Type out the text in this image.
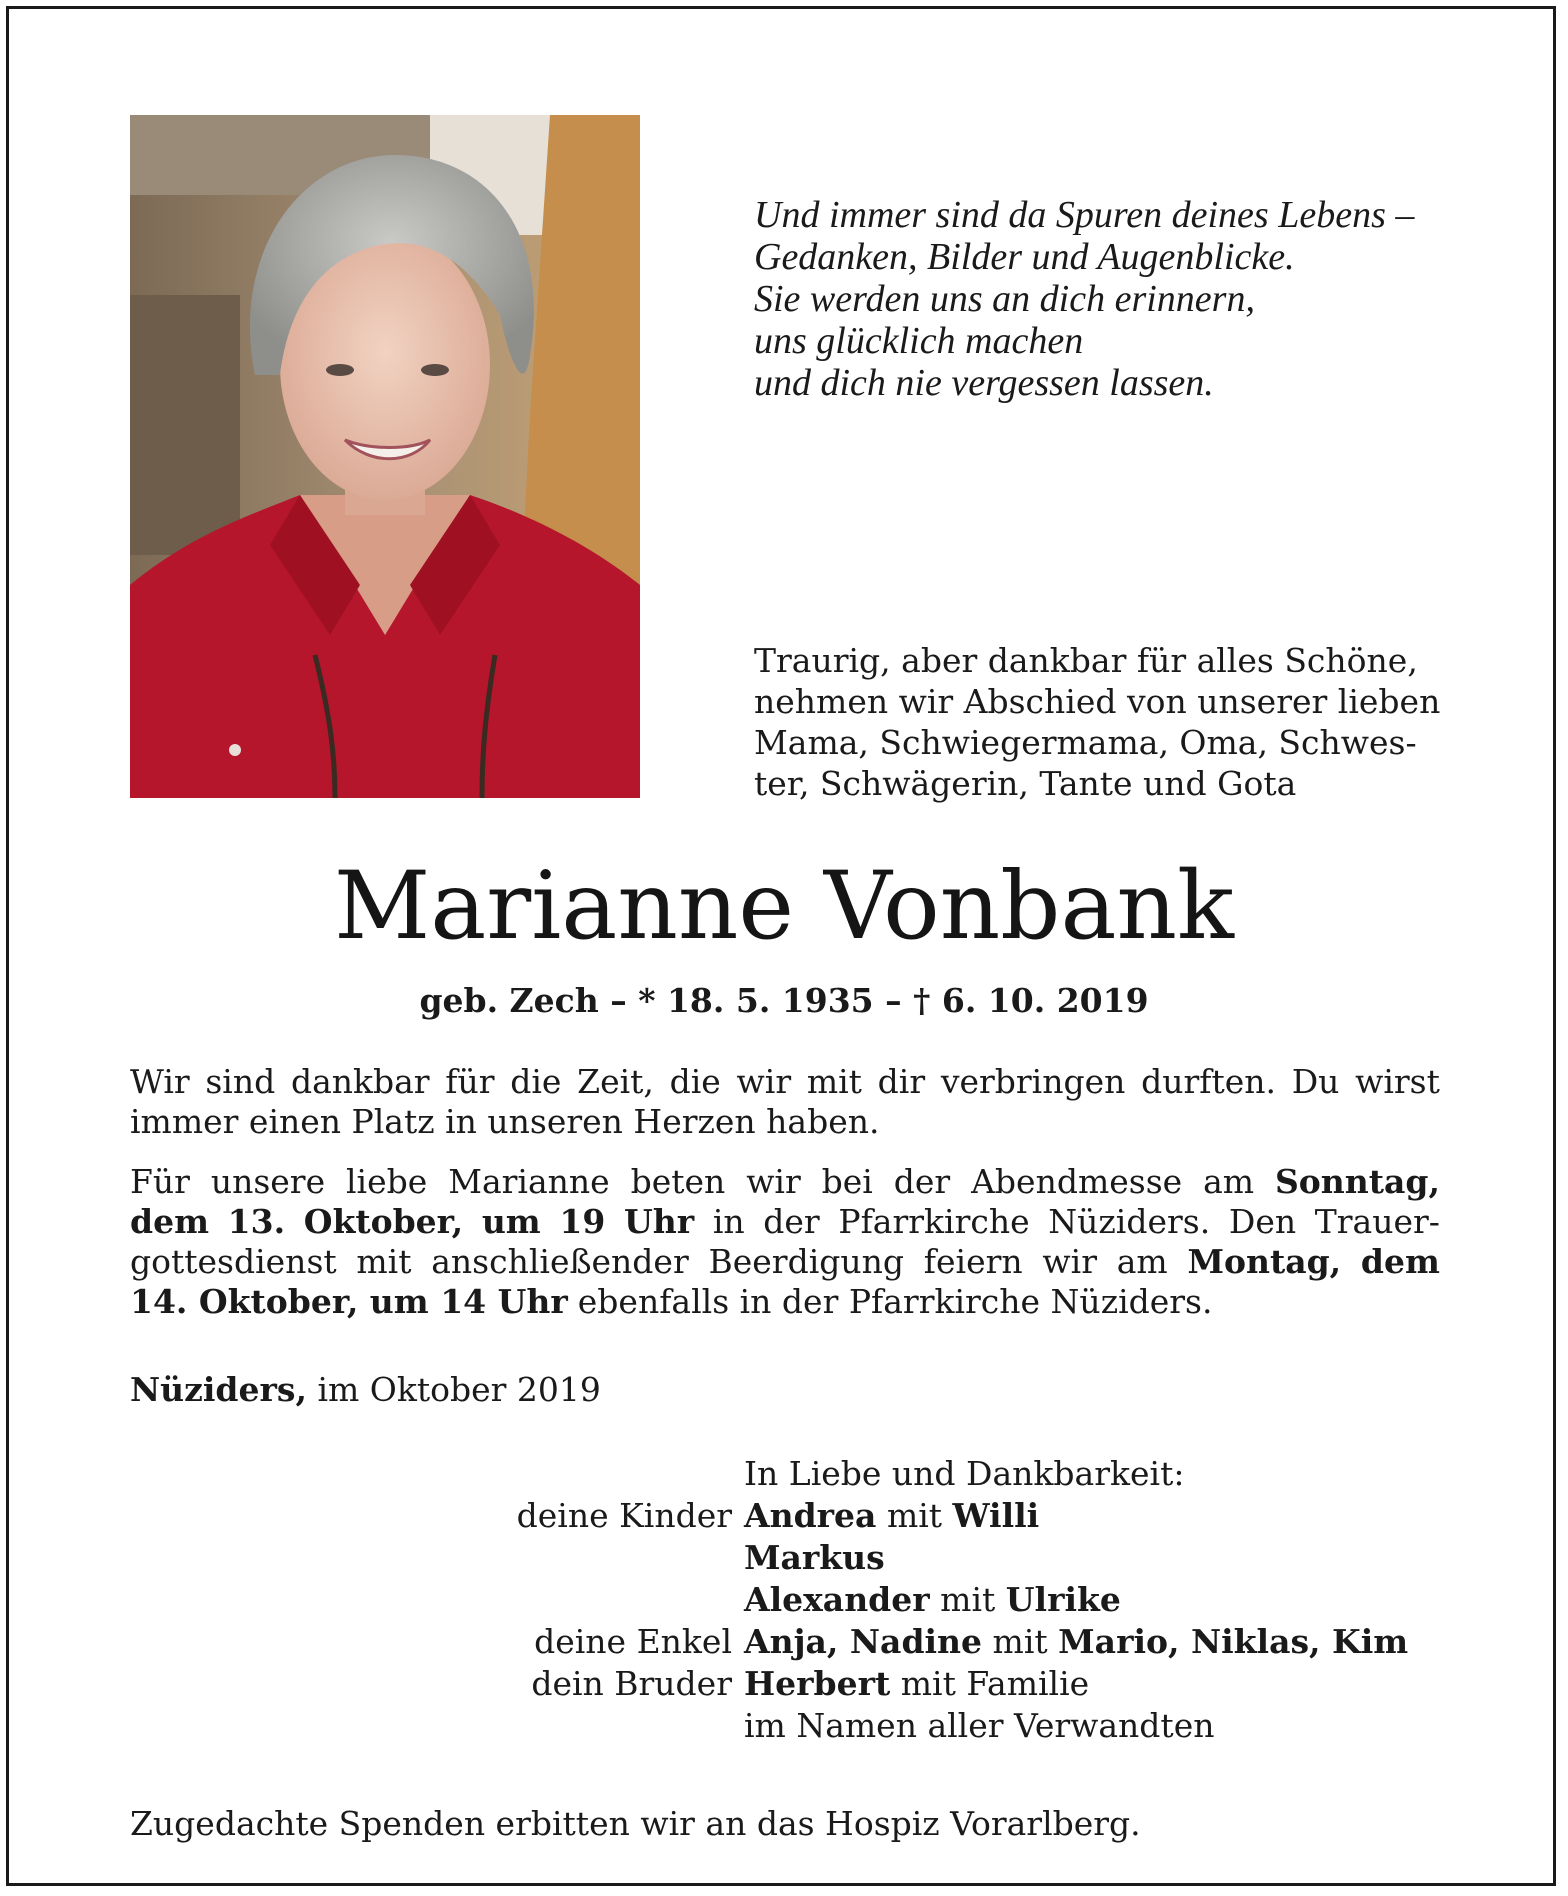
Und immer sind da Spuren deines Lebens –
Gedanken, Bilder und Augenblicke.
Sie werden uns an dich erinnern,
uns glücklich machen
und dich nie vergessen lassen.
Traurig, aber dankbar für alles Schöne,
nehmen wir Abschied von unserer lieben
Mama, Schwiegermama, Oma, Schwes-
ter, Schwägerin, Tante und Gota
Marianne Vonbank
geb. Zech – * 18. 5. 1935 – † 6. 10. 2019
Wir sind dankbar für die Zeit, die wir mit dir verbringen durften. Du wirst
immer einen Platz in unseren Herzen haben.
Für unsere liebe Marianne beten wir bei der Abendmesse am Sonntag,
dem 13. Oktober, um 19 Uhr in der Pfarrkirche Nüziders. Den Trauer-
gottesdienst mit anschließender Beerdigung feiern wir am Montag, dem
14. Oktober, um 14 Uhr ebenfalls in der Pfarrkirche Nüziders.
Nüziders, im Oktober 2019
In Liebe und Dankbarkeit:
deine Kinder Andrea mit Willi
Markus
Alexander mit Ulrike
deine Enkel Anja, Nadine mit Mario, Niklas, Kim
dein Bruder Herbert mit Familie
im Namen aller Verwandten
Zugedachte Spenden erbitten wir an das Hospiz Vorarlberg.
